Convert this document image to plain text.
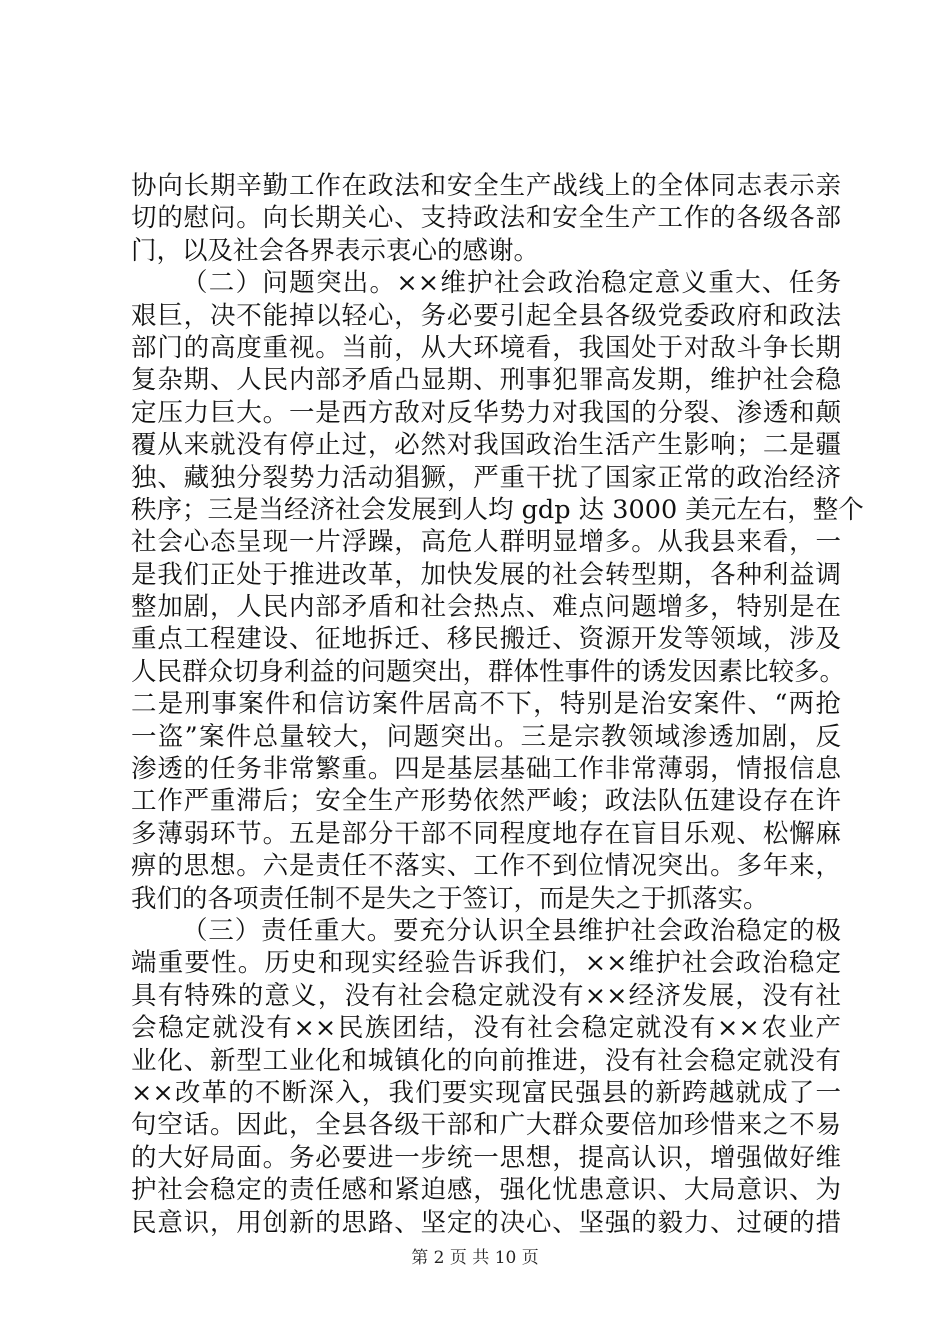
协向长期辛勤工作在政法和安全生产战线上的全体同志表示亲
切的慰问。向长期关心、支持政法和安全生产工作的各级各部
门，以及社会各界表示衷心的感谢。
（二）问题突出。××维护社会政治稳定意义重大、任务
艰巨，决不能掉以轻心，务必要引起全县各级党委政府和政法
部门的高度重视。当前，从大环境看，我国处于对敌斗争长期
复杂期、人民内部矛盾凸显期、刑事犯罪高发期，维护社会稳
定压力巨大。一是西方敌对反华势力对我国的分裂、渗透和颠
覆从来就没有停止过，必然对我国政治生活产生影响；二是疆
独、藏独分裂势力活动猖獗，严重干扰了国家正常的政治经济
秩序；三是当经济社会发展到人均 gdp 达 3000 美元左右，整个
社会心态呈现一片浮躁，高危人群明显增多。从我县来看，一
是我们正处于推进改革，加快发展的社会转型期，各种利益调
整加剧，人民内部矛盾和社会热点、难点问题增多，特别是在
重点工程建设、征地拆迁、移民搬迁、资源开发等领域，涉及
人民群众切身利益的问题突出，群体性事件的诱发因素比较多。
二是刑事案件和信访案件居高不下，特别是治安案件、“两抢
一盗”案件总量较大，问题突出。三是宗教领域渗透加剧，反
渗透的任务非常繁重。四是基层基础工作非常薄弱，情报信息
工作严重滞后；安全生产形势依然严峻；政法队伍建设存在许
多薄弱环节。五是部分干部不同程度地存在盲目乐观、松懈麻
痹的思想。六是责任不落实、工作不到位情况突出。多年来，
我们的各项责任制不是失之于签订，而是失之于抓落实。
（三）责任重大。要充分认识全县维护社会政治稳定的极
端重要性。历史和现实经验告诉我们，××维护社会政治稳定
具有特殊的意义，没有社会稳定就没有××经济发展，没有社
会稳定就没有××民族团结，没有社会稳定就没有××农业产
业化、新型工业化和城镇化的向前推进，没有社会稳定就没有
××改革的不断深入，我们要实现富民强县的新跨越就成了一
句空话。因此，全县各级干部和广大群众要倍加珍惜来之不易
的大好局面。务必要进一步统一思想，提高认识，增强做好维
护社会稳定的责任感和紧迫感，强化忧患意识、大局意识、为
民意识，用创新的思路、坚定的决心、坚强的毅力、过硬的措
第 2 页 共 10 页
